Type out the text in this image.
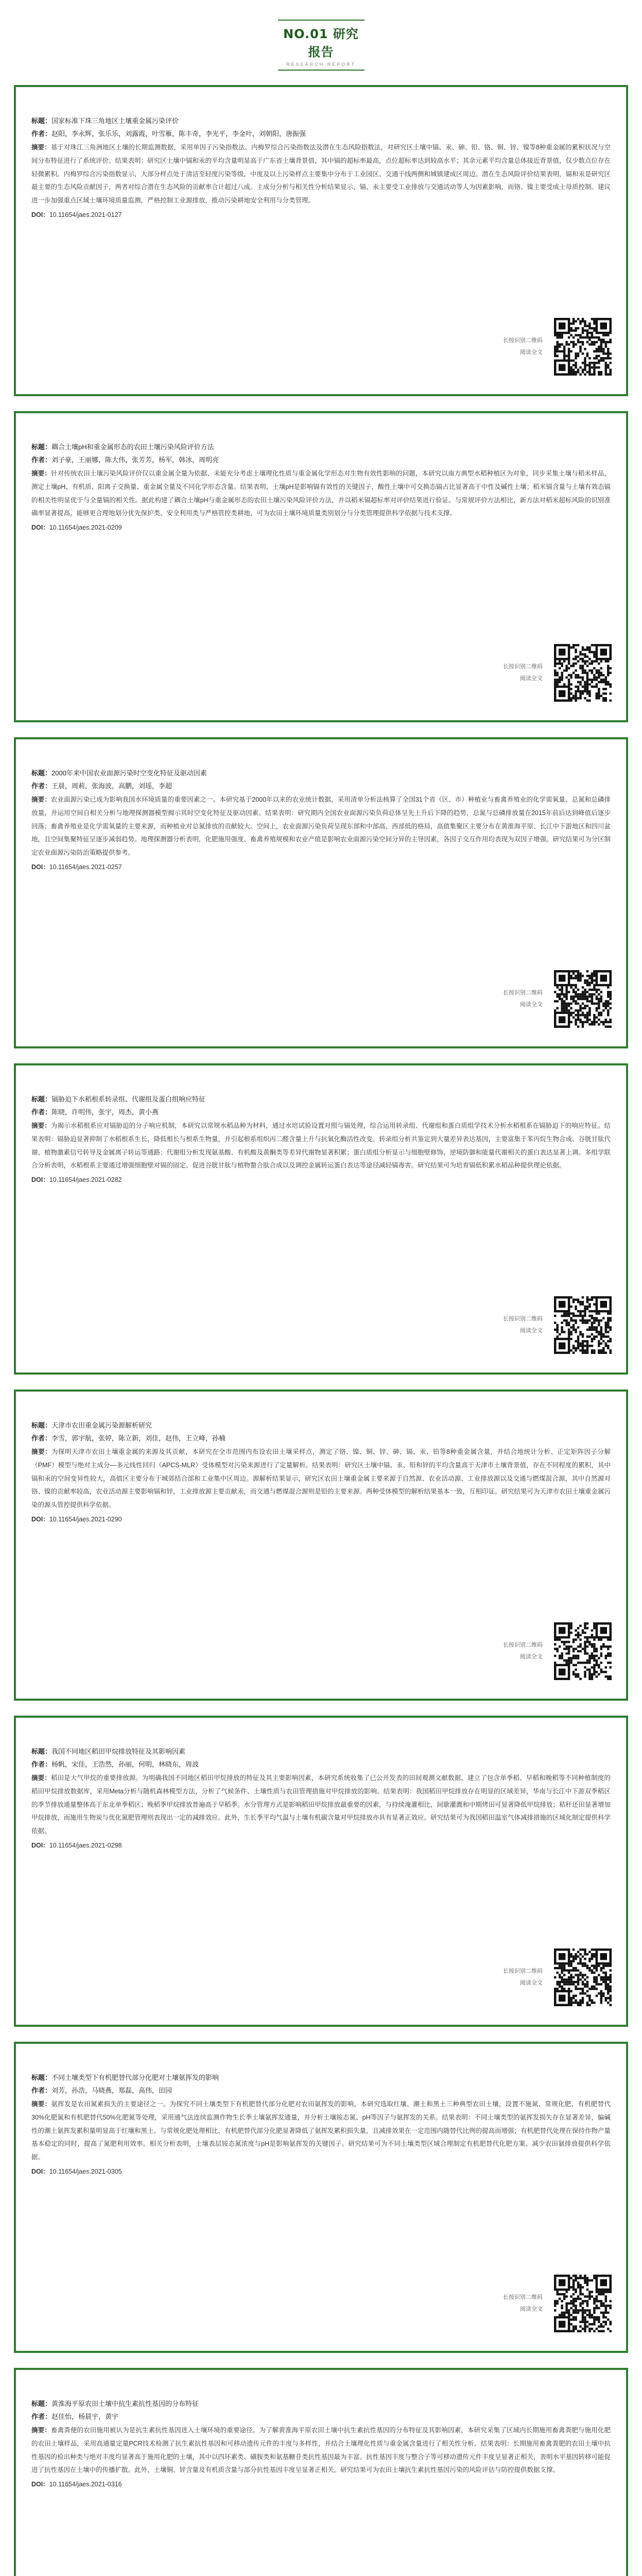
NO.01 研究报告
RESEARCH REPORT
标题：国家标准下珠三角地区土壤重金属污染评价
作者：赵阳，李永辉，张乐乐，刘露霞，叶雪雁，陈丰奇，李光平，李金叶，刘朝阳，唐振强
摘要：基于对珠江三角洲地区土壤的长期监测数据，采用单因子污染指数法、内梅罗综合污染指数法及潜在生态风险指数法，对研究区土壤中镉、汞、砷、铅、铬、铜、锌、镍等8种重金属的累积状况与空间分布特征进行了系统评价。结果表明：研究区土壤中镉和汞的平均含量明显高于广东省土壤背景值，其中镉的超标率最高，点位超标率达到较高水平；其余元素平均含量总体接近背景值，仅少数点位存在轻微累积。内梅罗综合污染指数显示，大部分样点处于清洁至轻度污染等级，中度及以上污染样点主要集中分布于工业园区、交通干线两侧和城镇建成区周边。潜在生态风险评价结果表明，镉和汞是研究区最主要的生态风险贡献因子，两者对综合潜在生态风险的贡献率合计超过八成。主成分分析与相关性分析结果显示，镉、汞主要受工业排放与交通活动等人为因素影响，而铬、镍主要受成土母质控制。建议进一步加强重点区域土壤环境质量监测，严格控制工业源排放，推动污染耕地安全利用与分类管理。
DOI：10.11654/jaes.2021-0127
长按识别二维码
阅读全文
标题：耦合土壤pH和重金属形态的农田土壤污染风险评价方法
作者：刘子豪，王丽娜，陈大伟，张芳芳，杨军，韩冰，周明亮
摘要：针对传统农田土壤污染风险评价仅以重金属全量为依据、未能充分考虑土壤理化性质与重金属化学形态对生物有效性影响的问题，本研究以南方典型水稻种植区为对象，同步采集土壤与稻米样品，测定土壤pH、有机质、阳离子交换量、重金属全量及不同化学形态含量。结果表明，土壤pH是影响镉有效性的关键因子，酸性土壤中可交换态镉占比显著高于中性及碱性土壤；稻米镉含量与土壤有效态镉的相关性明显优于与全量镉的相关性。据此构建了耦合土壤pH与重金属形态的农田土壤污染风险评价方法，并以稻米镉超标率对评价结果进行验证。与常规评价方法相比，新方法对稻米超标风险的识别准确率显著提高，能够更合理地划分优先保护类、安全利用类与严格管控类耕地，可为农田土壤环境质量类别划分与分类管理提供科学依据与技术支撑。
DOI：10.11654/jaes.2021-0209
长按识别二维码
阅读全文
标题：2000年来中国农业面源污染时空变化特征及驱动因素
作者：王晨，周莉，张海波，高鹏，刘瑶，李超
摘要：农业面源污染已成为影响我国水环境质量的重要因素之一。本研究基于2000年以来的农业统计数据，采用清单分析法核算了全国31个省（区、市）种植业与畜禽养殖业的化学需氧量、总氮和总磷排放量，并运用空间自相关分析与地理探测器模型揭示其时空变化特征及驱动因素。结果表明：研究期内全国农业面源污染负荷总体呈先上升后下降的趋势，总氮与总磷排放量在2015年前后达到峰值后逐步回落；畜禽养殖业是化学需氧量的主要来源，而种植业对总氮排放的贡献较大。空间上，农业面源污染负荷呈现东部和中部高、西部低的格局，高值集聚区主要分布在黄淮海平原、长江中下游地区和四川盆地，且空间集聚特征呈逐步减弱趋势。地理探测器分析表明，化肥施用强度、畜禽养殖规模和农业产值是影响农业面源污染空间分异的主导因素，各因子交互作用均表现为双因子增强。研究结果可为分区制定农业面源污染防治策略提供参考。
DOI：10.11654/jaes.2021-0257
长按识别二维码
阅读全文
标题：镉胁迫下水稻根系转录组、代谢组及蛋白组响应特征
作者：陈晓，许明伟，张宇，周杰，黄小燕
摘要：为揭示水稻根系应对镉胁迫的分子响应机制，本研究以常规水稻品种为材料，通过水培试验设置对照与镉处理，综合运用转录组、代谢组和蛋白质组学技术分析水稻根系在镉胁迫下的响应特征。结果表明：镉胁迫显著抑制了水稻根系生长，降低根长与根系生物量，并引起根系组织丙二醛含量上升与抗氧化酶活性改变。转录组分析共鉴定到大量差异表达基因，主要富集于苯丙烷生物合成、谷胱甘肽代谢、植物激素信号转导及金属离子转运等通路；代谢组分析发现氨基酸、有机酸及黄酮类等差异代谢物显著积累；蛋白质组分析显示与细胞壁修饰、逆境防御和能量代谢相关的蛋白表达显著上调。多组学联合分析表明，水稻根系主要通过增强细胞壁对镉的固定、促进谷胱甘肽与植物螯合肽合成以及调控金属转运蛋白表达等途径减轻镉毒害。研究结果可为培育镉低积累水稻品种提供理论依据。
DOI：10.11654/jaes.2021-0282
长按识别二维码
阅读全文
标题：天津市农田重金属污染源解析研究
作者：李雪，郭宇航，张婷，陈立新，刘佳，赵伟，王立峰，孙楠
摘要：为探明天津市农田土壤重金属的来源及其贡献，本研究在全市范围内布设农田土壤采样点，测定了铬、镍、铜、锌、砷、镉、汞、铅等8种重金属含量，并结合地统计分析、正定矩阵因子分解（PMF）模型与绝对主成分—多元线性回归（APCS-MLR）受体模型对污染来源进行了定量解析。结果表明：研究区土壤中镉、汞、铅和锌的平均含量高于天津市土壤背景值，存在不同程度的累积，其中镉和汞的空间变异性较大，高值区主要分布于城郊结合部和工业集中区周边。源解析结果显示，研究区农田土壤重金属主要来源于自然源、农业活动源、工业排放源以及交通与燃煤混合源，其中自然源对铬、镍的贡献率较高，农业活动源主要影响镉和锌，工业排放源主要贡献汞，而交通与燃煤混合源则是铅的主要来源。两种受体模型的解析结果基本一致，互相印证。研究结果可为天津市农田土壤重金属污染的源头管控提供科学依据。
DOI：10.11654/jaes.2021-0290
长按识别二维码
阅读全文
标题：我国不同地区稻田甲烷排放特征及其影响因素
作者：杨帆，宋佳，王浩然，孙丽，何明，林晓东，周波
摘要：稻田是大气甲烷的重要排放源。为明确我国不同地区稻田甲烷排放的特征及其主要影响因素，本研究系统收集了已公开发表的田间观测文献数据，建立了包含单季稻、早稻和晚稻等不同种植制度的稻田甲烷排放数据库，采用Meta分析与随机森林模型方法，分析了气候条件、土壤性质与农田管理措施对甲烷排放的影响。结果表明：我国稻田甲烷排放存在明显的区域差异，华南与长江中下游双季稻区的季节排放通量整体高于东北单季稻区；晚稻季甲烷排放普遍高于早稻季。水分管理方式是影响稻田甲烷排放最重要的因素，与持续淹灌相比，间歇灌溉和中期烤田可显著降低甲烷排放；秸秆还田显著增加甲烷排放，而施用生物炭与优化氮肥管理则表现出一定的减排效应。此外，生长季平均气温与土壤有机碳含量对甲烷排放亦具有显著正效应。研究结果可为我国稻田温室气体减排措施的区域化制定提供科学依据。
DOI：10.11654/jaes.2021-0298
长按识别二维码
阅读全文
标题：不同土壤类型下有机肥替代部分化肥对土壤氨挥发的影响
作者：刘芳，孙浩，马晓燕，郑磊，高伟，田园
摘要：氨挥发是农田氮素损失的主要途径之一。为探究不同土壤类型下有机肥替代部分化肥对农田氨挥发的影响，本研究选取红壤、潮土和黑土三种典型农田土壤，设置不施氮、常规化肥、有机肥替代30%化肥氮和有机肥替代50%化肥氮等处理，采用通气法连续监测作物生长季土壤氨挥发通量，并分析土壤铵态氮、pH等因子与氨挥发的关系。结果表明：不同土壤类型的氨挥发损失存在显著差异，偏碱性的潮土氨挥发累积量明显高于红壤和黑土。与常规化肥处理相比，有机肥替代部分化肥显著降低了氨挥发累积损失量，且减排效果在一定范围内随替代比例的提高而增强；有机肥替代处理在保持作物产量基本稳定的同时，提高了氮肥利用效率。相关分析表明，土壤表层铵态氮浓度与pH是影响氨挥发的关键因子。研究结果可为不同土壤类型区域合理制定有机肥替代化肥方案、减少农田氨排放提供科学依据。
DOI：10.11654/jaes.2021-0305
长按识别二维码
阅读全文
标题：黄淮海平原农田土壤中抗生素抗性基因的分布特征
作者：赵佳怡，杨晨宇，黄宇
摘要：畜禽粪便的农田施用被认为是抗生素抗性基因进入土壤环境的重要途径。为了解黄淮海平原农田土壤中抗生素抗性基因的分布特征及其影响因素，本研究采集了区域内长期施用畜禽粪肥与施用化肥的农田土壤样品，采用高通量定量PCR技术检测了抗生素抗性基因和可移动遗传元件的丰度与多样性，并结合土壤理化性质与重金属含量进行了相关性分析。结果表明：长期施用畜禽粪肥的农田土壤中抗性基因的检出种类与绝对丰度均显著高于施用化肥的土壤，其中以四环素类、磺胺类和氨基糖苷类抗性基因最为丰富。抗性基因丰度与整合子等可移动遗传元件丰度呈显著正相关，表明水平基因转移可能促进了抗性基因在土壤中的传播扩散。此外，土壤铜、锌含量及有机质含量与部分抗性基因丰度呈显著正相关。研究结果可为农田土壤抗生素抗性基因污染的风险评估与防控提供数据支撑。
DOI：10.11654/jaes.2021-0316
